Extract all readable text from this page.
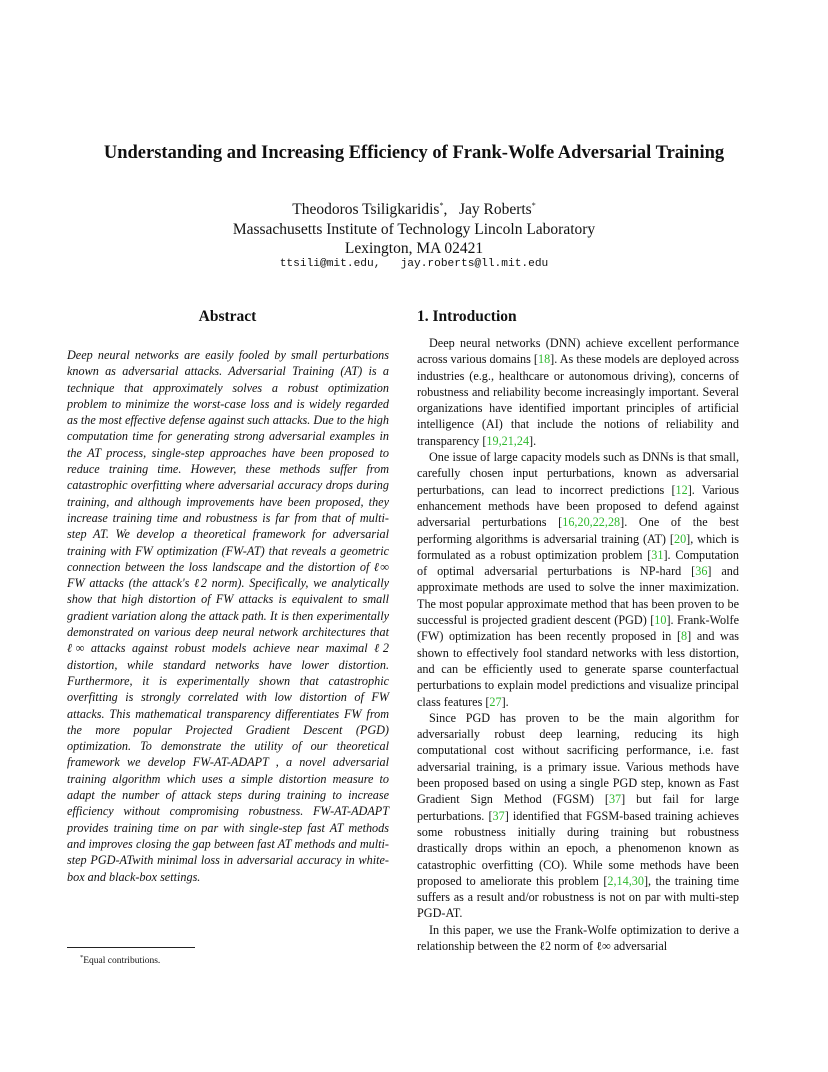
Understanding and Increasing Efficiency of Frank-Wolfe Adversarial Training
Theodoros Tsiligkaridis*,   Jay Roberts*
Massachusetts Institute of Technology Lincoln Laboratory
Lexington, MA 02421
ttsili@mit.edu,   jay.roberts@ll.mit.edu
Abstract

Deep neural networks are easily fooled by small perturbations known as adversarial attacks. Adversarial Training (AT) is a technique that approximately solves a robust optimization problem to minimize the worst-case loss and is widely regarded as the most effective defense against such attacks. Due to the high computation time for generating strong adversarial examples in the AT process, single-step approaches have been proposed to reduce training time. However, these methods suffer from catastrophic overfitting where adversarial accuracy drops during training, and although improvements have been proposed, they increase training time and robustness is far from that of multi-step AT. We develop a theoretical framework for adversarial training with FW optimization (FW-AT) that reveals a geometric connection between the loss landscape and the distortion of ℓ∞ FW attacks (the attack's ℓ2 norm). Specifically, we analytically show that high distortion of FW attacks is equivalent to small gradient variation along the attack path. It is then experimentally demonstrated on various deep neural network architectures that ℓ∞ attacks against robust models achieve near maximal ℓ2 distortion, while standard networks have lower distortion. Furthermore, it is experimentally shown that catastrophic overfitting is strongly correlated with low distortion of FW attacks. This mathematical transparency differentiates FW from the more popular Projected Gradient Descent (PGD) optimization. To demonstrate the utility of our theoretical framework we develop FW-AT-ADAPT , a novel adversarial training algorithm which uses a simple distortion measure to adapt the number of attack steps during training to increase efficiency without compromising robustness. FW-AT-ADAPT provides training time on par with single-step fast AT methods and improves closing the gap between fast AT methods and multi-step PGD-ATwith minimal loss in adversarial accuracy in white-box and black-box settings.

1. Introduction

Deep neural networks (DNN) achieve excellent performance across various domains [18]. As these models are deployed across industries (e.g., healthcare or autonomous driving), concerns of robustness and reliability become increasingly important. Several organizations have identified important principles of artificial intelligence (AI) that include the notions of reliability and transparency [19,21,24].

One issue of large capacity models such as DNNs is that small, carefully chosen input perturbations, known as adversarial perturbations, can lead to incorrect predictions [12]. Various enhancement methods have been proposed to defend against adversarial perturbations [16,20,22,28]. One of the best performing algorithms is adversarial training (AT) [20], which is formulated as a robust optimization problem [31]. Computation of optimal adversarial perturbations is NP-hard [36] and approximate methods are used to solve the inner maximization. The most popular approximate method that has been proven to be successful is projected gradient descent (PGD) [10]. Frank-Wolfe (FW) optimization has been recently proposed in [8] and was shown to effectively fool standard networks with less distortion, and can be efficiently used to generate sparse counterfactual perturbations to explain model predictions and visualize principal class features [27].

Since PGD has proven to be the main algorithm for adversarially robust deep learning, reducing its high computational cost without sacrificing performance, i.e. fast adversarial training, is a primary issue. Various methods have been proposed based on using a single PGD step, known as Fast Gradient Sign Method (FGSM) [37] but fail for large perturbations. [37] identified that FGSM-based training achieves some robustness initially during training but robustness drastically drops within an epoch, a phenomenon known as catastrophic overfitting (CO). While some methods have been proposed to ameliorate this problem [2,14,30], the training time suffers as a result and/or robustness is not on par with multi-step PGD-AT.

In this paper, we use the Frank-Wolfe optimization to derive a relationship between the ℓ2 norm of ℓ∞ adversarial

*Equal contributions.
